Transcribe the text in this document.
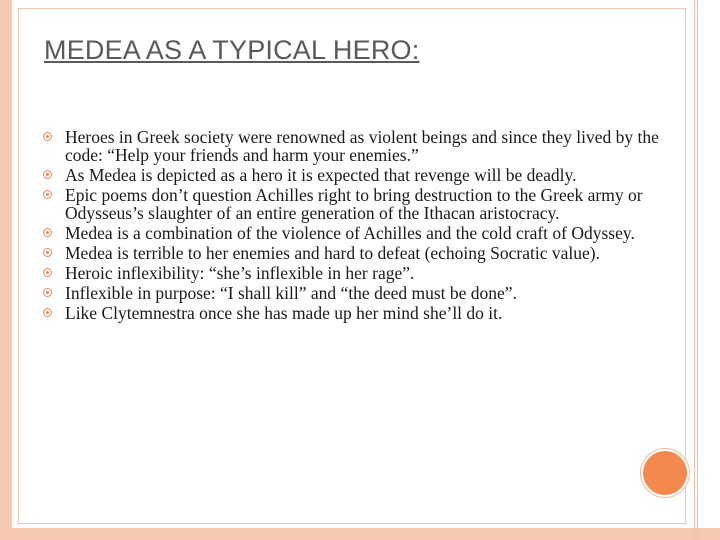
MEDEA AS A TYPICAL HERO:
Heroes in Greek society were renowned as violent beings and since they lived by the code: “Help your friends and harm your enemies.”
As Medea is depicted as a hero it is expected that revenge will be deadly.
Epic poems don’t question Achilles right to bring destruction to the Greek army or Odysseus’s slaughter of an entire generation of the Ithacan aristocracy.
Medea is a combination of the violence of Achilles and the cold craft of Odyssey.
Medea is terrible to her enemies and hard to defeat (echoing Socratic value).
Heroic inflexibility: “she’s inflexible in her rage”.
Inflexible in purpose: “I shall kill” and “the deed must be done”.
Like Clytemnestra once she has made up her mind she’ll do it.
